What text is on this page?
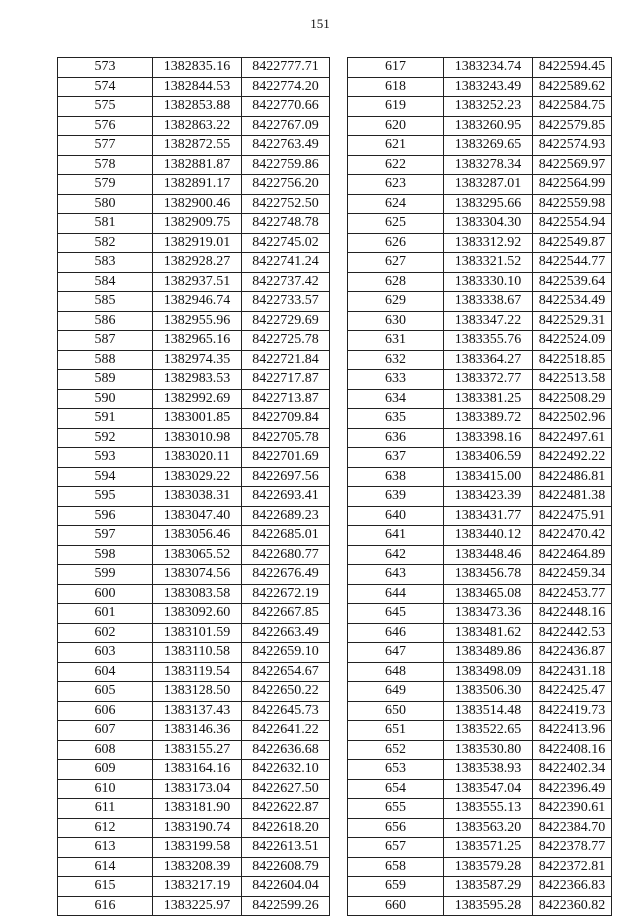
151
573	1382835.16	8422777.71
574	1382844.53	8422774.20
575	1382853.88	8422770.66
576	1382863.22	8422767.09
577	1382872.55	8422763.49
578	1382881.87	8422759.86
579	1382891.17	8422756.20
580	1382900.46	8422752.50
581	1382909.75	8422748.78
582	1382919.01	8422745.02
583	1382928.27	8422741.24
584	1382937.51	8422737.42
585	1382946.74	8422733.57
586	1382955.96	8422729.69
587	1382965.16	8422725.78
588	1382974.35	8422721.84
589	1382983.53	8422717.87
590	1382992.69	8422713.87
591	1383001.85	8422709.84
592	1383010.98	8422705.78
593	1383020.11	8422701.69
594	1383029.22	8422697.56
595	1383038.31	8422693.41
596	1383047.40	8422689.23
597	1383056.46	8422685.01
598	1383065.52	8422680.77
599	1383074.56	8422676.49
600	1383083.58	8422672.19
601	1383092.60	8422667.85
602	1383101.59	8422663.49
603	1383110.58	8422659.10
604	1383119.54	8422654.67
605	1383128.50	8422650.22
606	1383137.43	8422645.73
607	1383146.36	8422641.22
608	1383155.27	8422636.68
609	1383164.16	8422632.10
610	1383173.04	8422627.50
611	1383181.90	8422622.87
612	1383190.74	8422618.20
613	1383199.58	8422613.51
614	1383208.39	8422608.79
615	1383217.19	8422604.04
616	1383225.97	8422599.26
617	1383234.74	8422594.45
618	1383243.49	8422589.62
619	1383252.23	8422584.75
620	1383260.95	8422579.85
621	1383269.65	8422574.93
622	1383278.34	8422569.97
623	1383287.01	8422564.99
624	1383295.66	8422559.98
625	1383304.30	8422554.94
626	1383312.92	8422549.87
627	1383321.52	8422544.77
628	1383330.10	8422539.64
629	1383338.67	8422534.49
630	1383347.22	8422529.31
631	1383355.76	8422524.09
632	1383364.27	8422518.85
633	1383372.77	8422513.58
634	1383381.25	8422508.29
635	1383389.72	8422502.96
636	1383398.16	8422497.61
637	1383406.59	8422492.22
638	1383415.00	8422486.81
639	1383423.39	8422481.38
640	1383431.77	8422475.91
641	1383440.12	8422470.42
642	1383448.46	8422464.89
643	1383456.78	8422459.34
644	1383465.08	8422453.77
645	1383473.36	8422448.16
646	1383481.62	8422442.53
647	1383489.86	8422436.87
648	1383498.09	8422431.18
649	1383506.30	8422425.47
650	1383514.48	8422419.73
651	1383522.65	8422413.96
652	1383530.80	8422408.16
653	1383538.93	8422402.34
654	1383547.04	8422396.49
655	1383555.13	8422390.61
656	1383563.20	8422384.70
657	1383571.25	8422378.77
658	1383579.28	8422372.81
659	1383587.29	8422366.83
660	1383595.28	8422360.82
